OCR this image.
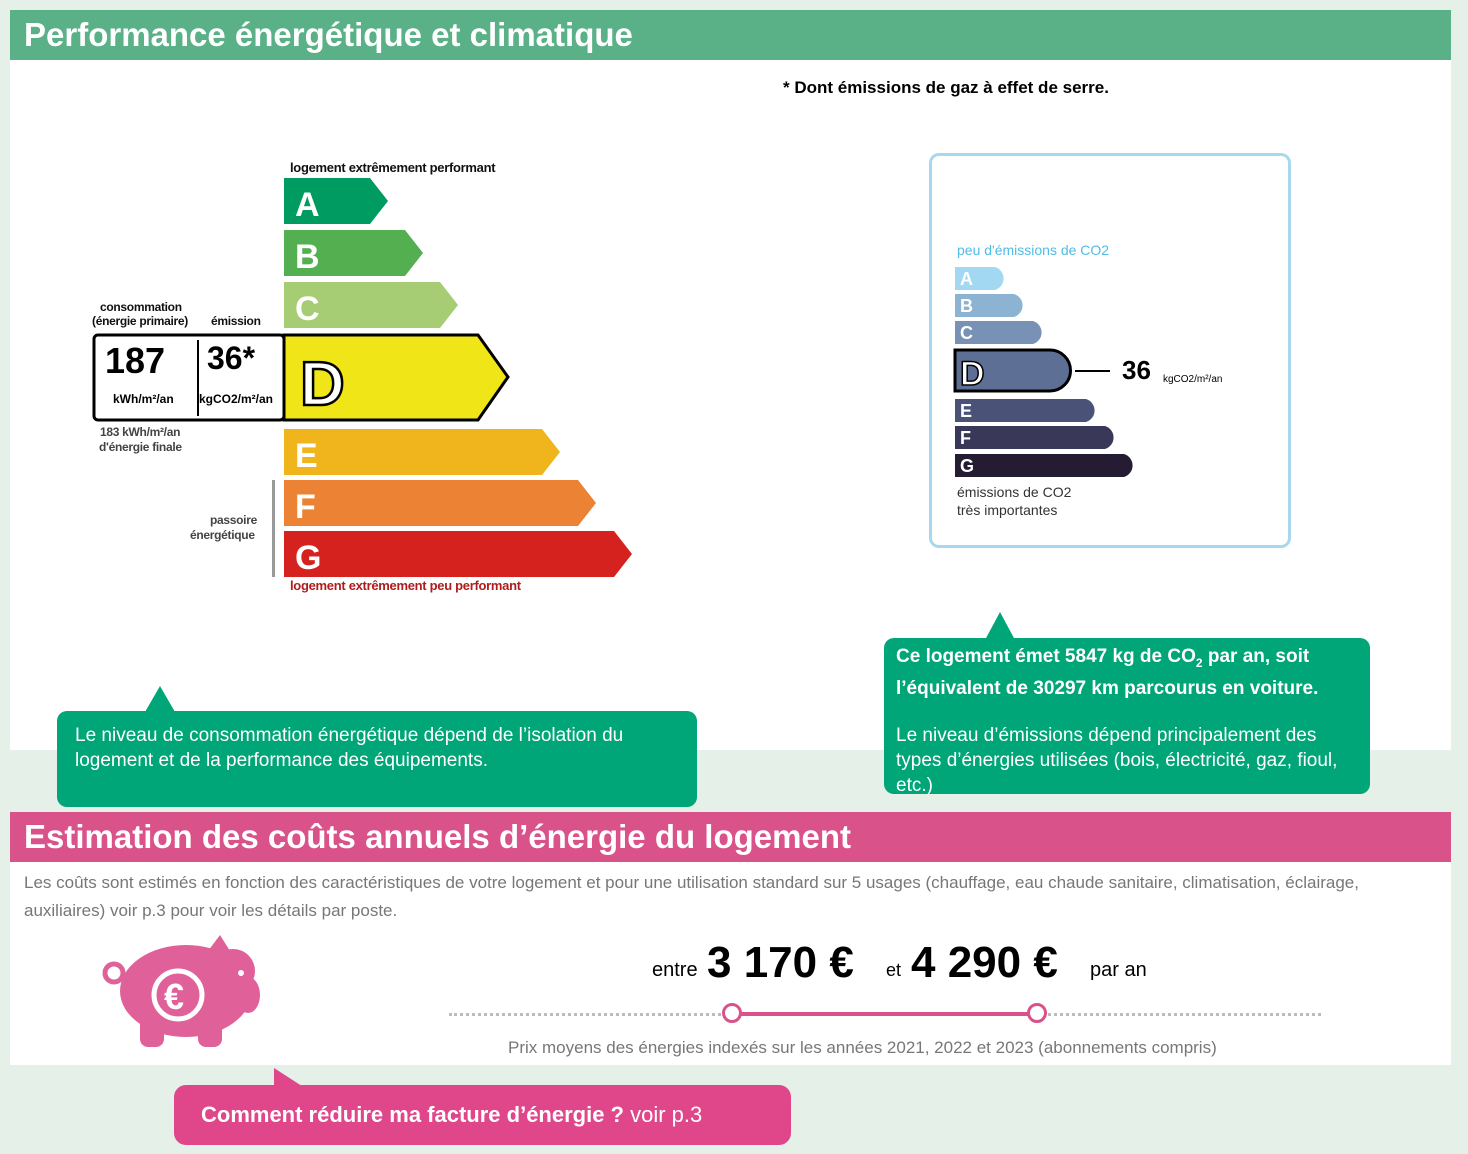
Performance énergétique et climatique
* Dont émissions de gaz à effet de serre.
logement extrêmement performant
A
B
C
D
E
F
G
consommation
(énergie primaire) émission
187 36*
kWh/m²/an kgCO2/m²/an
183 kWh/m²/an
d'énergie finale
passoire
énergétique
logement extrêmement peu performant
peu d'émissions de CO2
A
B
C
D
E
F
G
36 kgCO2/m²/an
émissions de CO2
très importantes
Le niveau de consommation énergétique dépend de l’isolation du logement et de la performance des équipements.
Ce logement émet 5847 kg de $CO_2$ par an, soit l’équivalent de 30297 km parcourus en voiture.
Le niveau d’émissions dépend principalement des types d’énergies utilisées (bois, électricité, gaz, fioul, etc.)
Estimation des coûts annuels d’énergie du logement
Les coûts sont estimés en fonction des caractéristiques de votre logement et pour une utilisation standard sur 5 usages (chauffage, eau chaude sanitaire, climatisation, éclairage, auxiliaires) voir p.3 pour voir les détails par poste.
€
entre 3 170 € et 4 290 € par an
Prix moyens des énergies indexés sur les années 2021, 2022 et 2023 (abonnements compris)
Comment réduire ma facture d’énergie ? voir p.3
